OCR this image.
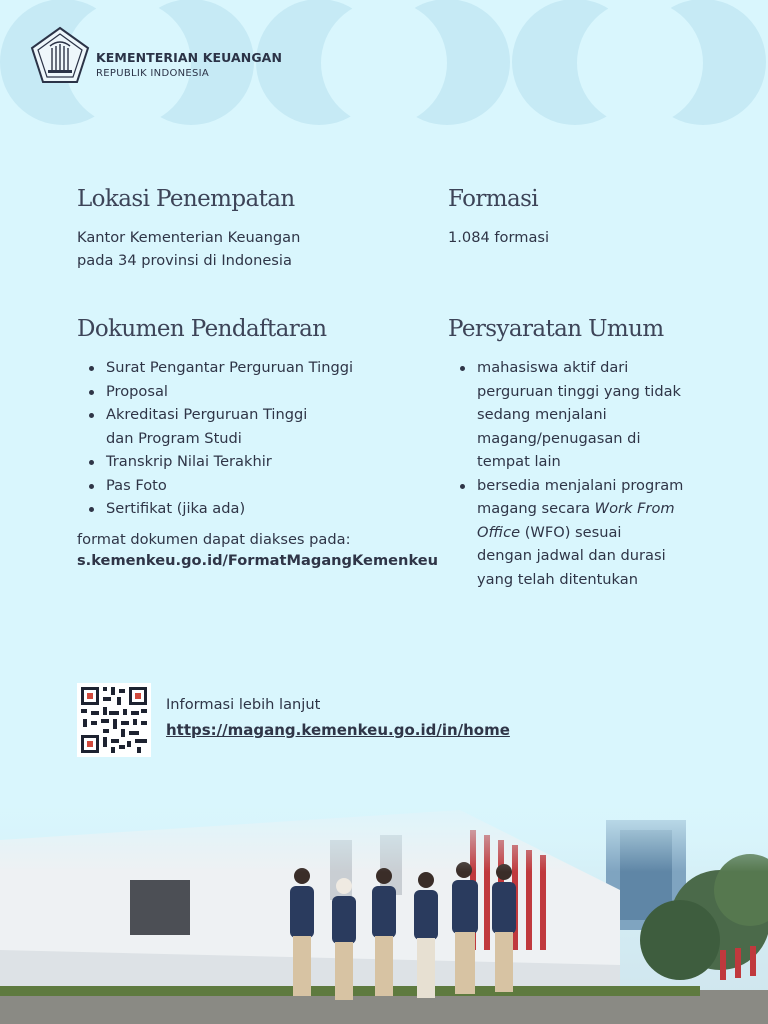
KEMENTERIAN KEUANGAN
REPUBLIK INDONESIA
Lokasi Penempatan

Kantor Kementerian Keuangan

pada 34 provinsi di Indonesia

Formasi

1.084 formasi

Dokumen Pendaftaran
Surat Pengantar Perguruan Tinggi
Proposal
Akreditasi Perguruan Tinggi
dan Program Studi
Transkrip Nilai Terakhir
Pas Foto
Sertifikat (jika ada)

format dokumen dapat diakses pada:

s.kemenkeu.go.id/FormatMagangKemenkeu
Persyaratan Umum
mahasiswa aktif dari
perguruan tinggi yang tidak
sedang menjalani
magang/penugasan di
tempat lain
bersedia menjalani program
magang secara Work From
Office (WFO) sesuai
dengan jadwal dan durasi
yang telah ditentukan
Informasi lebih lanjut
https://magang.kemenkeu.go.id/in/home
